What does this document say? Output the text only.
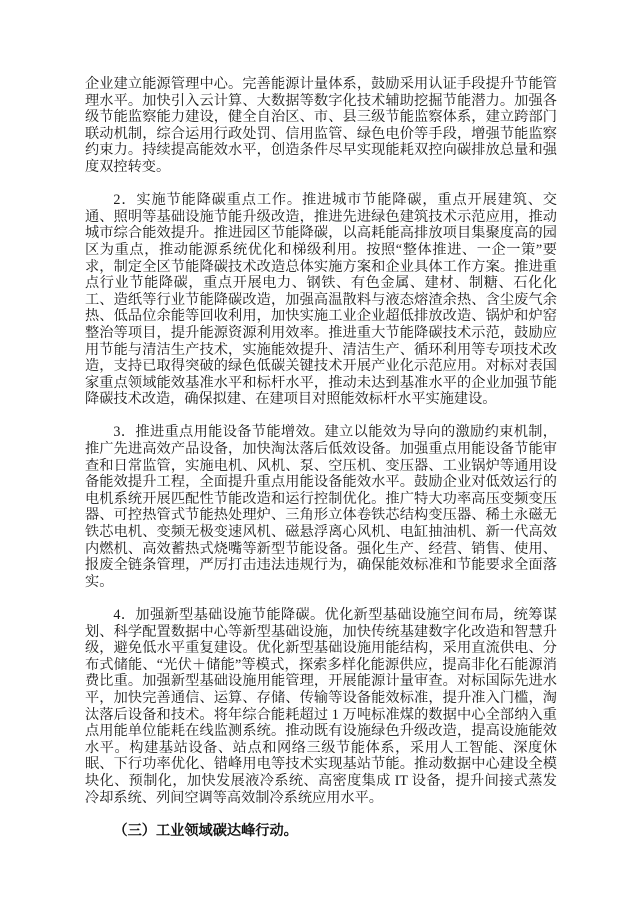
企业建立能源管理中心。完善能源计量体系，鼓励采用认证手段提升节能管理水平。加快引入云计算、大数据等数字化技术辅助挖掘节能潜力。加强各级节能监察能力建设，健全自治区、市、县三级节能监察体系，建立跨部门联动机制，综合运用行政处罚、信用监管、绿色电价等手段，增强节能监察约束力。持续提高能效水平，创造条件尽早实现能耗双控向碳排放总量和强度双控转变。

2．实施节能降碳重点工作。推进城市节能降碳，重点开展建筑、交通、照明等基础设施节能升级改造，推进先进绿色建筑技术示范应用，推动城市综合能效提升。推进园区节能降碳，以高耗能高排放项目集聚度高的园区为重点，推动能源系统优化和梯级利用。按照“整体推进、一企一策”要求，制定全区节能降碳技术改造总体实施方案和企业具体工作方案。推进重点行业节能降碳，重点开展电力、钢铁、有色金属、建材、制糖、石化化工、造纸等行业节能降碳改造，加强高温散料与液态熔渣余热、含尘废气余热、低品位余能等回收利用，加快实施工业企业超低排放改造、锅炉和炉窑整治等项目，提升能源资源利用效率。推进重大节能降碳技术示范，鼓励应用节能与清洁生产技术，实施能效提升、清洁生产、循环利用等专项技术改造，支持已取得突破的绿色低碳关键技术开展产业化示范应用。对标对表国家重点领域能效基准水平和标杆水平，推动未达到基准水平的企业加强节能降碳技术改造，确保拟建、在建项目对照能效标杆水平实施建设。

3．推进重点用能设备节能增效。建立以能效为导向的激励约束机制，推广先进高效产品设备，加快淘汰落后低效设备。加强重点用能设备节能审查和日常监管，实施电机、风机、泵、空压机、变压器、工业锅炉等通用设备能效提升工程，全面提升重点用能设备能效水平。鼓励企业对低效运行的电机系统开展匹配性节能改造和运行控制优化。推广特大功率高压变频变压器、可控热管式节能热处理炉、三角形立体卷铁芯结构变压器、稀土永磁无铁芯电机、变频无极变速风机、磁悬浮离心风机、电缸抽油机、新一代高效内燃机、高效蓄热式烧嘴等新型节能设备。强化生产、经营、销售、使用、报废全链条管理，严厉打击违法违规行为，确保能效标准和节能要求全面落实。

4．加强新型基础设施节能降碳。优化新型基础设施空间布局，统筹谋划、科学配置数据中心等新型基础设施，加快传统基建数字化改造和智慧升级，避免低水平重复建设。优化新型基础设施用能结构，采用直流供电、分布式储能、“光伏＋储能”等模式，探索多样化能源供应，提高非化石能源消费比重。加强新型基础设施用能管理，开展能源计量审查。对标国际先进水平，加快完善通信、运算、存储、传输等设备能效标准，提升准入门槛，淘汰落后设备和技术。将年综合能耗超过 1 万吨标准煤的数据中心全部纳入重点用能单位能耗在线监测系统。推动既有设施绿色升级改造，提高设施能效水平。构建基站设备、站点和网络三级节能体系，采用人工智能、深度休眠、下行功率优化、错峰用电等技术实现基站节能。推动数据中心建设全模块化、预制化，加快发展液冷系统、高密度集成 IT 设备，提升间接式蒸发冷却系统、列间空调等高效制冷系统应用水平。

（三）工业领域碳达峰行动。
